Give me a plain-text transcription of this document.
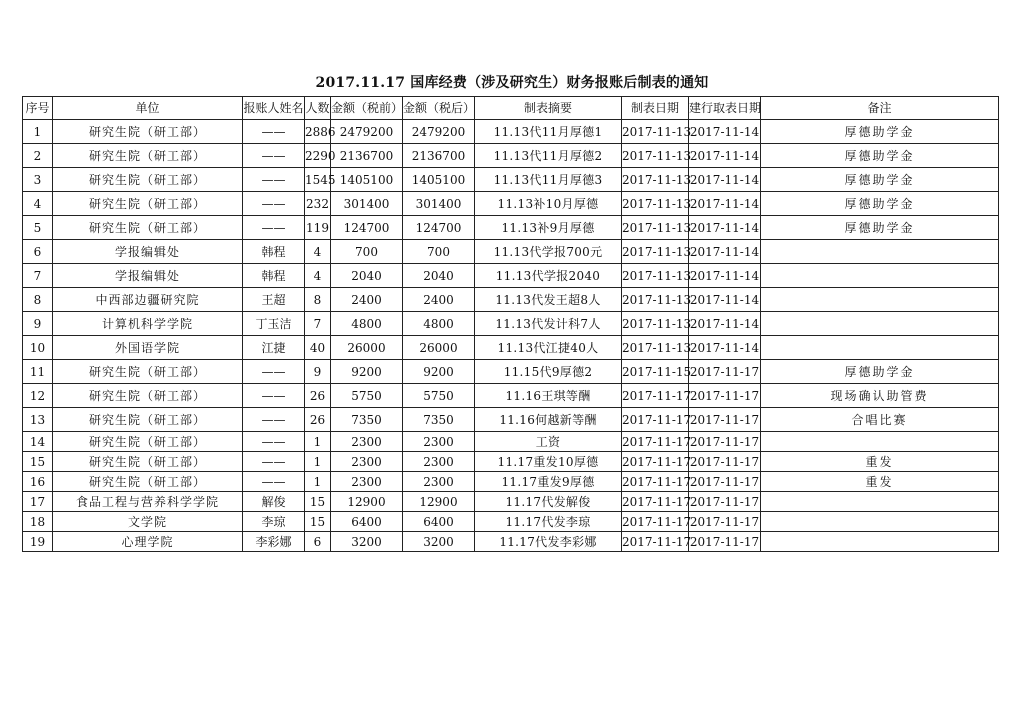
2017.11.17 国库经费（涉及研究生）财务报账后制表的通知
序号	单位	报账人姓名	人数	金额（税前）	金额（税后）	制表摘要	制表日期	建行取表日期	备注
1	研究生院（研工部）	——	2886	2479200	2479200	11.13代11月厚德1	2017-11-13	2017-11-14	厚德助学金
2	研究生院（研工部）	——	2290	2136700	2136700	11.13代11月厚德2	2017-11-13	2017-11-14	厚德助学金
3	研究生院（研工部）	——	1545	1405100	1405100	11.13代11月厚德3	2017-11-13	2017-11-14	厚德助学金
4	研究生院（研工部）	——	232	301400	301400	11.13补10月厚德	2017-11-13	2017-11-14	厚德助学金
5	研究生院（研工部）	——	119	124700	124700	11.13补9月厚德	2017-11-13	2017-11-14	厚德助学金
6	学报编辑处	韩程	4	700	700	11.13代学报700元	2017-11-13	2017-11-14	
7	学报编辑处	韩程	4	2040	2040	11.13代学报2040	2017-11-13	2017-11-14	
8	中西部边疆研究院	王超	8	2400	2400	11.13代发王超8人	2017-11-13	2017-11-14	
9	计算机科学学院	丁玉洁	7	4800	4800	11.13代发计科7人	2017-11-13	2017-11-14	
10	外国语学院	江捷	40	26000	26000	11.13代江捷40人	2017-11-13	2017-11-14	
11	研究生院（研工部）	——	9	9200	9200	11.15代9厚德2	2017-11-15	2017-11-17	厚德助学金
12	研究生院（研工部）	——	26	5750	5750	11.16王琪等酬	2017-11-17	2017-11-17	现场确认助管费
13	研究生院（研工部）	——	26	7350	7350	11.16何越新等酬	2017-11-17	2017-11-17	合唱比赛
14	研究生院（研工部）	——	1	2300	2300	工资	2017-11-17	2017-11-17	
15	研究生院（研工部）	——	1	2300	2300	11.17重发10厚德	2017-11-17	2017-11-17	重发
16	研究生院（研工部）	——	1	2300	2300	11.17重发9厚德	2017-11-17	2017-11-17	重发
17	食品工程与营养科学学院	解俊	15	12900	12900	11.17代发解俊	2017-11-17	2017-11-17	
18	文学院	李琼	15	6400	6400	11.17代发李琼	2017-11-17	2017-11-17	
19	心理学院	李彩娜	6	3200	3200	11.17代发李彩娜	2017-11-17	2017-11-17	
